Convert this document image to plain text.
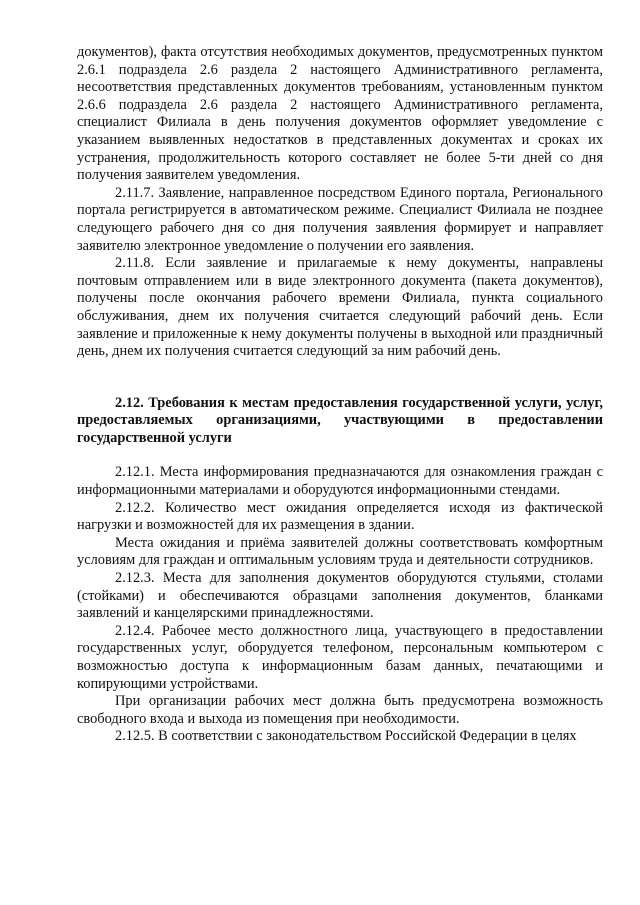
документов), факта отсутствия необходимых документов, предусмотренных пунктом 2.6.1 подраздела 2.6 раздела 2 настоящего Административного регламента, несоответствия представленных документов требованиям, установленным пунктом 2.6.6 подраздела 2.6 раздела 2 настоящего Административного регламента, специалист Филиала в день получения документов оформляет уведомление с указанием выявленных недостатков в представленных документах и сроках их устранения, продолжительность которого составляет не более 5-ти дней со дня получения заявителем уведомления.

2.11.7. Заявление, направленное посредством Единого портала, Регионального портала регистрируется в автоматическом режиме. Специалист Филиала не позднее следующего рабочего дня со дня получения заявления формирует и направляет заявителю электронное уведомление о получении его заявления.

2.11.8. Если заявление и прилагаемые к нему документы, направлены почтовым отправлением или в виде электронного документа (пакета документов), получены после окончания рабочего времени Филиала, пункта социального обслуживания, днем их получения считается следующий рабочий день. Если заявление и приложенные к нему документы получены в выходной или праздничный день, днем их получения считается следующий за ним рабочий день.

2.12. Требования к местам предоставления государственной услуги, услуг, предоставляемых организациями, участвующими в предоставлении государственной услуги

2.12.1. Места информирования предназначаются для ознакомления граждан с информационными материалами и оборудуются информационными стендами.

2.12.2. Количество мест ожидания определяется исходя из фактической нагрузки и возможностей для их размещения в здании.

Места ожидания и приёма заявителей должны соответствовать комфортным условиям для граждан и оптимальным условиям труда и деятельности сотрудников.

2.12.3. Места для заполнения документов оборудуются стульями, столами (стойками) и обеспечиваются образцами заполнения документов, бланками заявлений и канцелярскими принадлежностями.

2.12.4. Рабочее место должностного лица, участвующего в предоставлении государственных услуг, оборудуется телефоном, персональным компьютером с возможностью доступа к информационным базам данных, печатающими и копирующими устройствами.

При организации рабочих мест должна быть предусмотрена возможность свободного входа и выхода из помещения при необходимости.

2.12.5. В соответствии с законодательством Российской Федерации в целях
